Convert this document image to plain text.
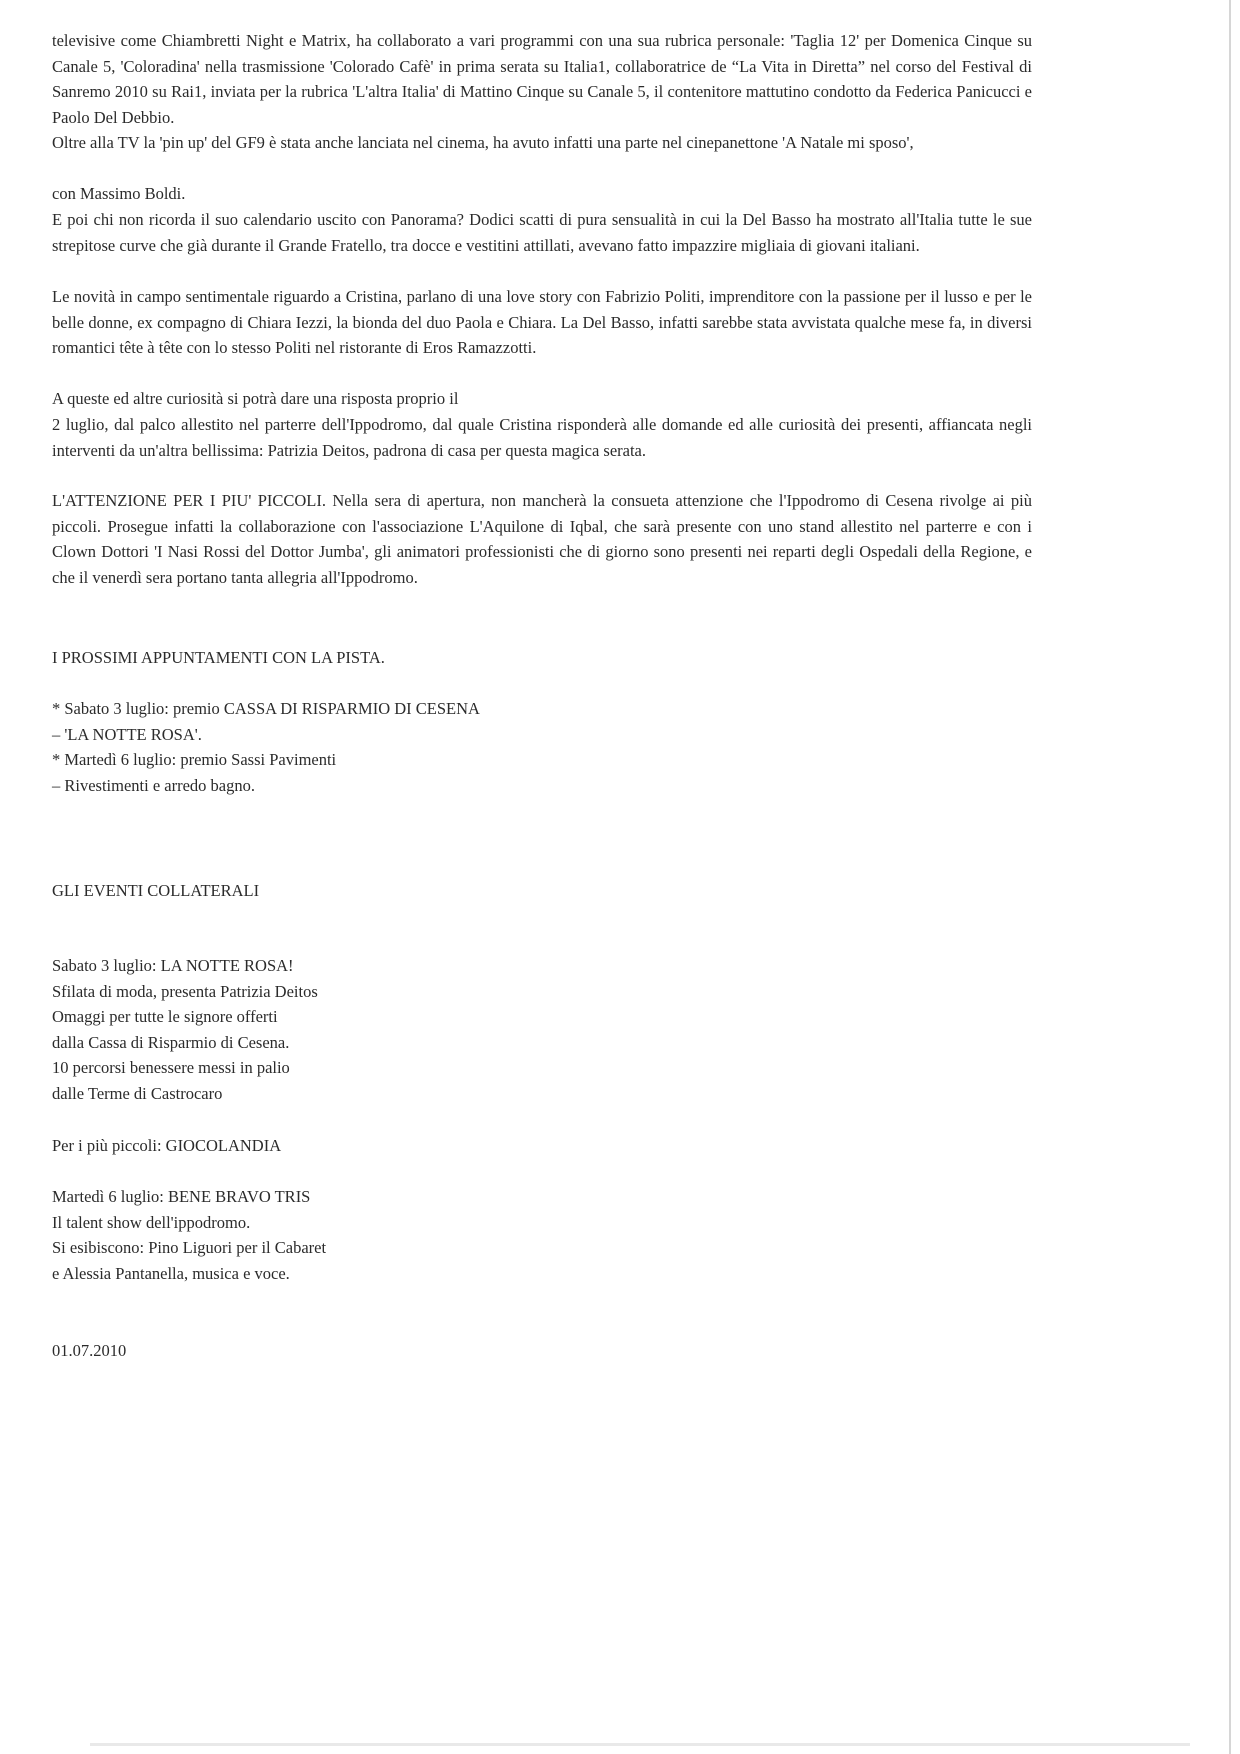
televisive come Chiambretti Night e Matrix, ha collaborato a vari programmi con una sua rubrica personale: 'Taglia 12' per Domenica Cinque su Canale 5, 'Coloradina' nella trasmissione 'Colorado Cafè' in prima serata su Italia1, collaboratrice de “La Vita in Diretta” nel corso del Festival di Sanremo 2010 su Rai1, inviata per la rubrica 'L'altra Italia' di Mattino Cinque su Canale 5, il contenitore mattutino condotto da Federica Panicucci e Paolo Del Debbio.
Oltre alla TV la 'pin up' del GF9 è stata anche lanciata nel cinema, ha avuto infatti una parte nel cinepanettone 'A Natale mi sposo',
con Massimo Boldi.
E poi chi non ricorda il suo calendario uscito con Panorama? Dodici scatti di pura sensualità in cui la Del Basso ha mostrato all'Italia tutte le sue strepitose curve che già durante il Grande Fratello, tra docce e vestitini attillati, avevano fatto impazzire migliaia di giovani italiani.
Le novità in campo sentimentale riguardo a Cristina, parlano di una love story con Fabrizio Politi, imprenditore con la passione per il lusso e per le belle donne, ex compagno di Chiara Iezzi, la bionda del duo Paola e Chiara. La Del Basso, infatti sarebbe stata avvistata qualche mese fa, in diversi romantici tête à tête con lo stesso Politi nel ristorante di Eros Ramazzotti.
A queste ed altre curiosità si potrà dare una risposta proprio il
2 luglio, dal palco allestito nel parterre dell'Ippodromo, dal quale Cristina risponderà alle domande ed alle curiosità dei presenti, affiancata negli interventi da un'altra bellissima: Patrizia Deitos, padrona di casa per questa magica serata.
L'ATTENZIONE PER I PIU' PICCOLI. Nella sera di apertura, non mancherà la consueta attenzione che l'Ippodromo di Cesena rivolge ai più piccoli. Prosegue infatti la collaborazione con l'associazione L'Aquilone di Iqbal, che sarà presente con uno stand allestito nel parterre e con i Clown Dottori 'I Nasi Rossi del Dottor Jumba', gli animatori professionisti che di giorno sono presenti nei reparti degli Ospedali della Regione, e che il venerdì sera portano tanta allegria all'Ippodromo.
I PROSSIMI APPUNTAMENTI CON LA PISTA.
* Sabato 3 luglio: premio CASSA DI RISPARMIO DI CESENA
– 'LA NOTTE ROSA'.
* Martedì 6 luglio: premio Sassi Pavimenti
– Rivestimenti e arredo bagno.
GLI EVENTI COLLATERALI
Sabato 3 luglio: LA NOTTE ROSA!
Sfilata di moda, presenta Patrizia Deitos
Omaggi per tutte le signore offerti
dalla Cassa di Risparmio di Cesena.
10 percorsi benessere messi in palio
dalle Terme di Castrocaro
Per i più piccoli: GIOCOLANDIA
Martedì 6 luglio: BENE BRAVO TRIS
Il talent show dell'ippodromo.
Si esibiscono: Pino Liguori per il Cabaret
e Alessia Pantanella, musica e voce.
01.07.2010
